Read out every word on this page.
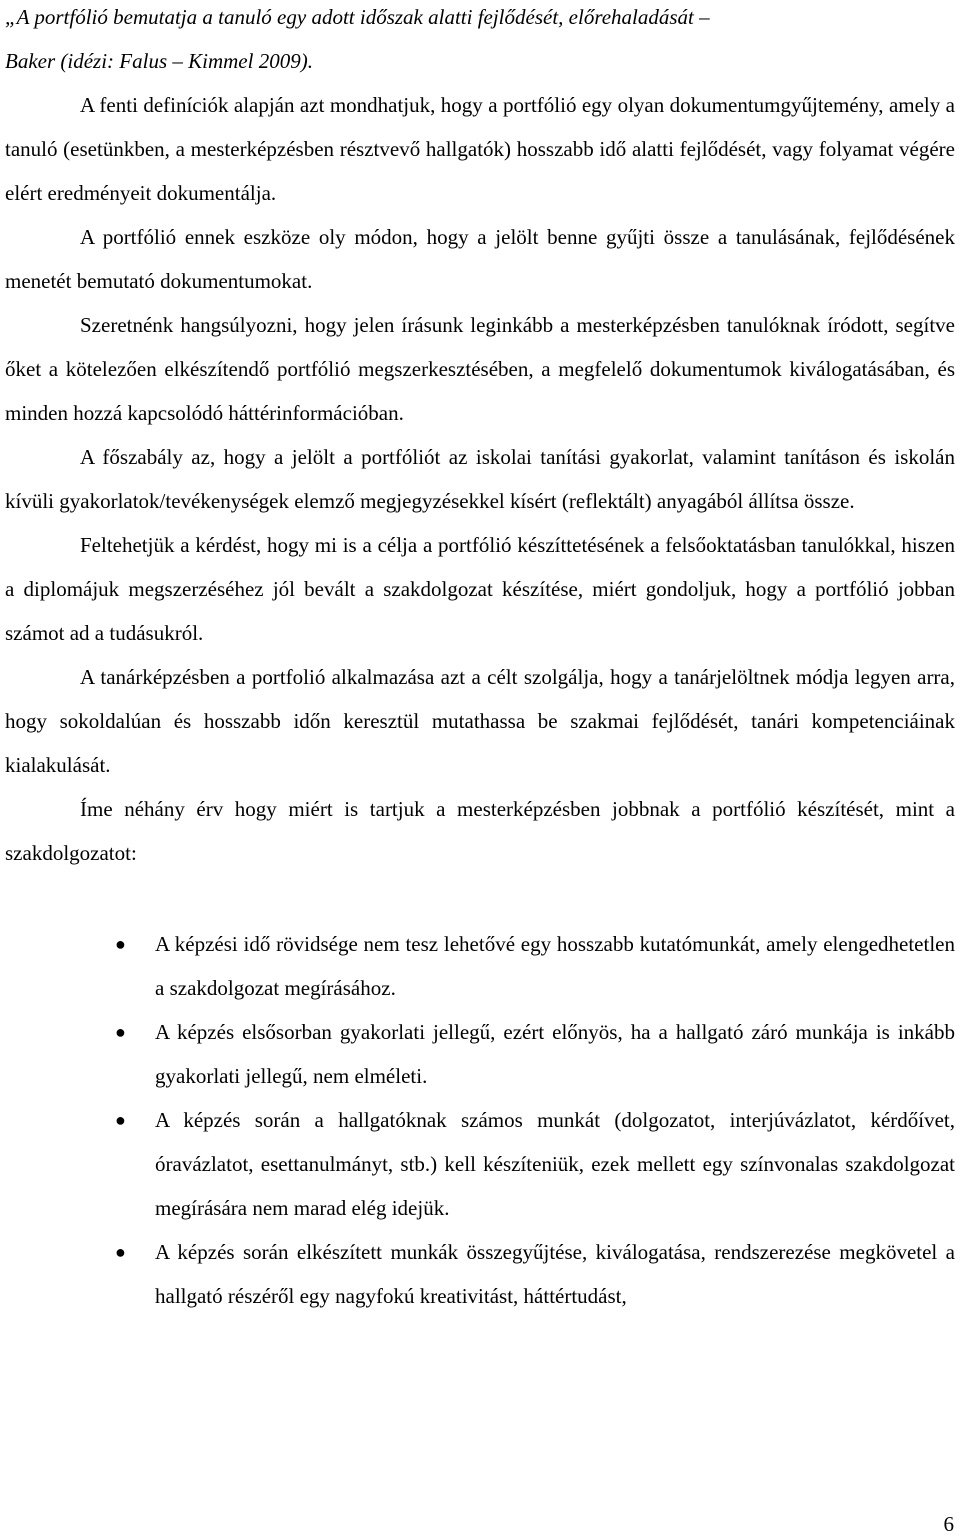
„A portfólió bemutatja a tanuló egy adott időszak alatti fejlődését, előrehaladását –

Baker (idézi: Falus – Kimmel 2009).

A fenti definíciók alapján azt mondhatjuk, hogy a portfólió egy olyan dokumentumgyűjtemény, amely a tanuló (esetünkben, a mesterképzésben résztvevő hallgatók) hosszabb idő alatti fejlődését, vagy folyamat végére elért eredményeit dokumentálja.

A portfólió ennek eszköze oly módon, hogy a jelölt benne gyűjti össze a tanulásának, fejlődésének menetét bemutató dokumentumokat.

Szeretnénk hangsúlyozni, hogy jelen írásunk leginkább a mesterképzésben tanulóknak íródott, segítve őket a kötelezően elkészítendő portfólió megszerkesztésében, a megfelelő dokumentumok kiválogatásában, és minden hozzá kapcsolódó háttérinformációban.

A főszabály az, hogy a jelölt a portfóliót az iskolai tanítási gyakorlat, valamint tanításon és iskolán kívüli gyakorlatok/tevékenységek elemző megjegyzésekkel kísért (reflektált) anyagából állítsa össze.

Feltehetjük a kérdést, hogy mi is a célja a portfólió készíttetésének a felsőoktatásban tanulókkal, hiszen a diplomájuk megszerzéséhez jól bevált a szakdolgozat készítése, miért gondoljuk, hogy a portfólió jobban számot ad a tudásukról.

A tanárképzésben a portfolió alkalmazása azt a célt szolgálja, hogy a tanárjelöltnek módja legyen arra, hogy sokoldalúan és hosszabb időn keresztül mutathassa be szakmai fejlődését, tanári kompetenciáinak kialakulását.

Íme néhány érv hogy miért is tartjuk a mesterképzésben jobbnak a portfólió készítését, mint a szakdolgozatot:

● A képzési idő rövidsége nem tesz lehetővé egy hosszabb kutatómunkát, amely elengedhetetlen a szakdolgozat megírásához.
● A képzés elsősorban gyakorlati jellegű, ezért előnyös, ha a hallgató záró munkája is inkább gyakorlati jellegű, nem elméleti.
● A képzés során a hallgatóknak számos munkát (dolgozatot, interjúvázlatot, kérdőívet, óravázlatot, esettanulmányt, stb.) kell készíteniük, ezek mellett egy színvonalas szakdolgozat megírására nem marad elég idejük.
● A képzés során elkészített munkák összegyűjtése, kiválogatása, rendszerezése megkövetel a hallgató részéről egy nagyfokú kreativitást, háttértudást,
6
